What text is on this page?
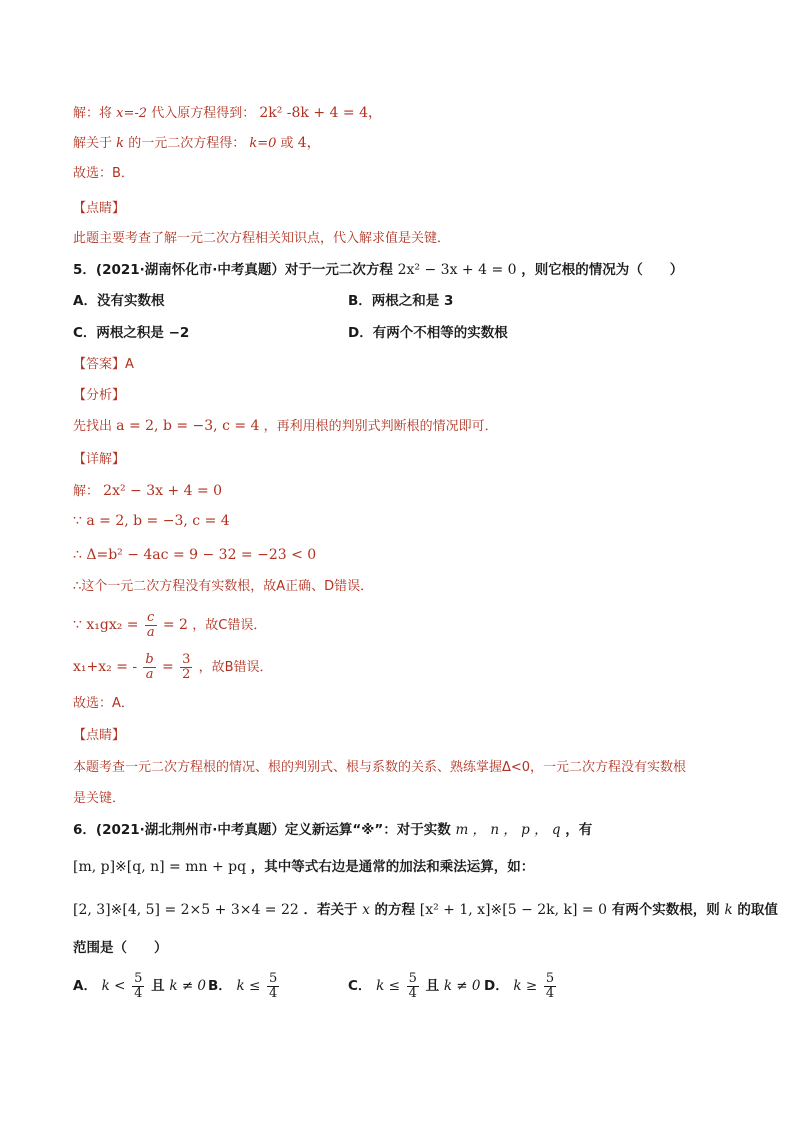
解：将 x=-2 代入原方程得到： 2k² -8k + 4 = 4，
解关于 k 的一元二次方程得： k=0 或 4，
故选：B．
【点睛】
此题主要考查了解一元二次方程相关知识点，代入解求值是关键．
5．(2021·湖南怀化市·中考真题）对于一元二次方程 2x² − 3x + 4 = 0 ，则它根的情况为（　　）
A．没有实数根	B．两根之和是 3
C．两根之积是 −2	D．有两个不相等的实数根
【答案】A
【分析】
先找出 a = 2, b = −3, c = 4 ，再利用根的判别式判断根的情况即可．
【详解】
解： 2x² − 3x + 4 = 0
∵ a = 2, b = −3, c = 4
∴ Δ=b² − 4ac = 9 − 32 = −23 < 0
∴这个一元二次方程没有实数根，故A正确、D错误．
∵ $x_1gx_2 = \frac{c}{a} = 2$ ，故C错误．
x₁+x₂ = - $\frac{b}{a} = \frac{3}{2}$ ，故B错误．
故选：A．
【点睛】
本题考查一元二次方程根的情况、根的判别式、根与系数的关系、熟练掌握Δ<0，一元二次方程没有实数根
是关键．
6．(2021·湖北荆州市·中考真题）定义新运算“※”：对于实数 m ， n ， p ， q ，有
[m, p]※[q, n] = mn + pq ，其中等式右边是通常的加法和乘法运算，如：
[2, 3]※[4, 5] = 2×5 + 3×4 = 22 ．若关于 x 的方程 [x² + 1, x]※[5 − 2k, k] = 0 有两个实数根，则 k 的取值
范围是（　　）
A． $k < \frac{5}{4}$ 且 k ≠ 0 B． $k \le \frac{5}{4}$	C． $k \le \frac{5}{4}$ 且 k ≠ 0 D． $k \ge \frac{5}{4}$
